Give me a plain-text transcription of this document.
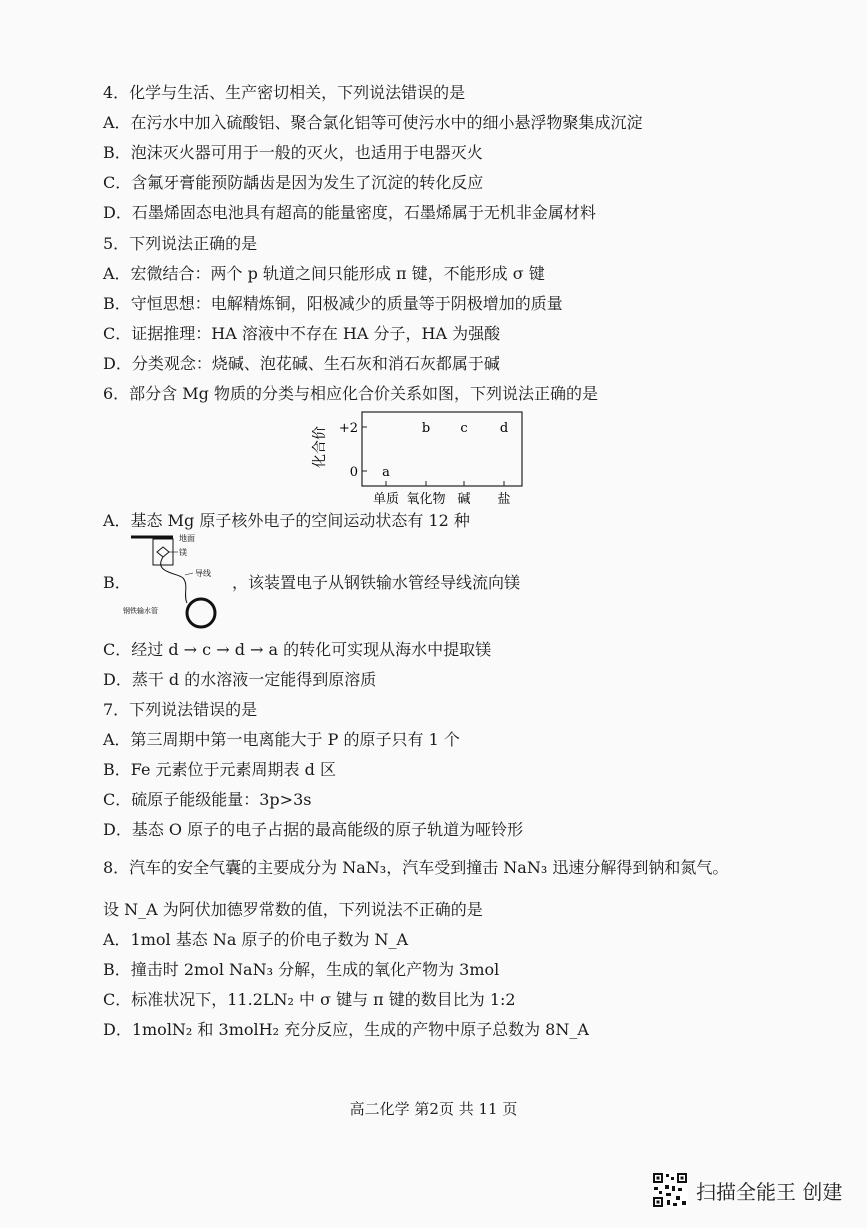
4．化学与生活、生产密切相关，下列说法错误的是
A．在污水中加入硫酸铝、聚合氯化铝等可使污水中的细小悬浮物聚集成沉淀
B．泡沫灭火器可用于一般的灭火，也适用于电器灭火
C．含氟牙膏能预防龋齿是因为发生了沉淀的转化反应
D．石墨烯固态电池具有超高的能量密度，石墨烯属于无机非金属材料
5．下列说法正确的是
A．宏微结合：两个 p 轨道之间只能形成 π 键，不能形成 σ 键
B．守恒思想：电解精炼铜，阳极减少的质量等于阴极增加的质量
C．证据推理：HA 溶液中不存在 HA 分子，HA 为强酸
D．分类观念：烧碱、泡花碱、生石灰和消石灰都属于碱
6．部分含 Mg 物质的分类与相应化合价关系如图，下列说法正确的是
A．基态 Mg 原子核外电子的空间运动状态有 12 种
C．经过 d → c → d → a 的转化可实现从海水中提取镁
D．蒸干 d 的水溶液一定能得到原溶质
7．下列说法错误的是
A．第三周期中第一电离能大于 P 的原子只有 1 个
B．Fe 元素位于元素周期表 d 区
C．硫原子能级能量：3p>3s
D．基态 O 原子的电子占据的最高能级的原子轨道为哑铃形
8．汽车的安全气囊的主要成分为 NaN₃，汽车受到撞击 NaN₃ 迅速分解得到钠和氮气。
设 N_A 为阿伏加德罗常数的值，下列说法不正确的是
A．1mol 基态 Na 原子的价电子数为 N_A
B．撞击时 2mol NaN₃ 分解，生成的氧化产物为 3mol
C．标准状况下，11.2LN₂ 中 σ 键与 π 键的数目比为 1:2
D．1molN₂ 和 3molH₂ 充分反应，生成的产物中原子总数为 8N_A
化合价 +2
0
单质 氧化物 碱 盐
a
b c d
B．
地面
镁
导线
钢铁输水管
，该装置电子从钢铁输水管经导线流向镁
高二化学 第2页 共 11 页
扫描全能王 创建
